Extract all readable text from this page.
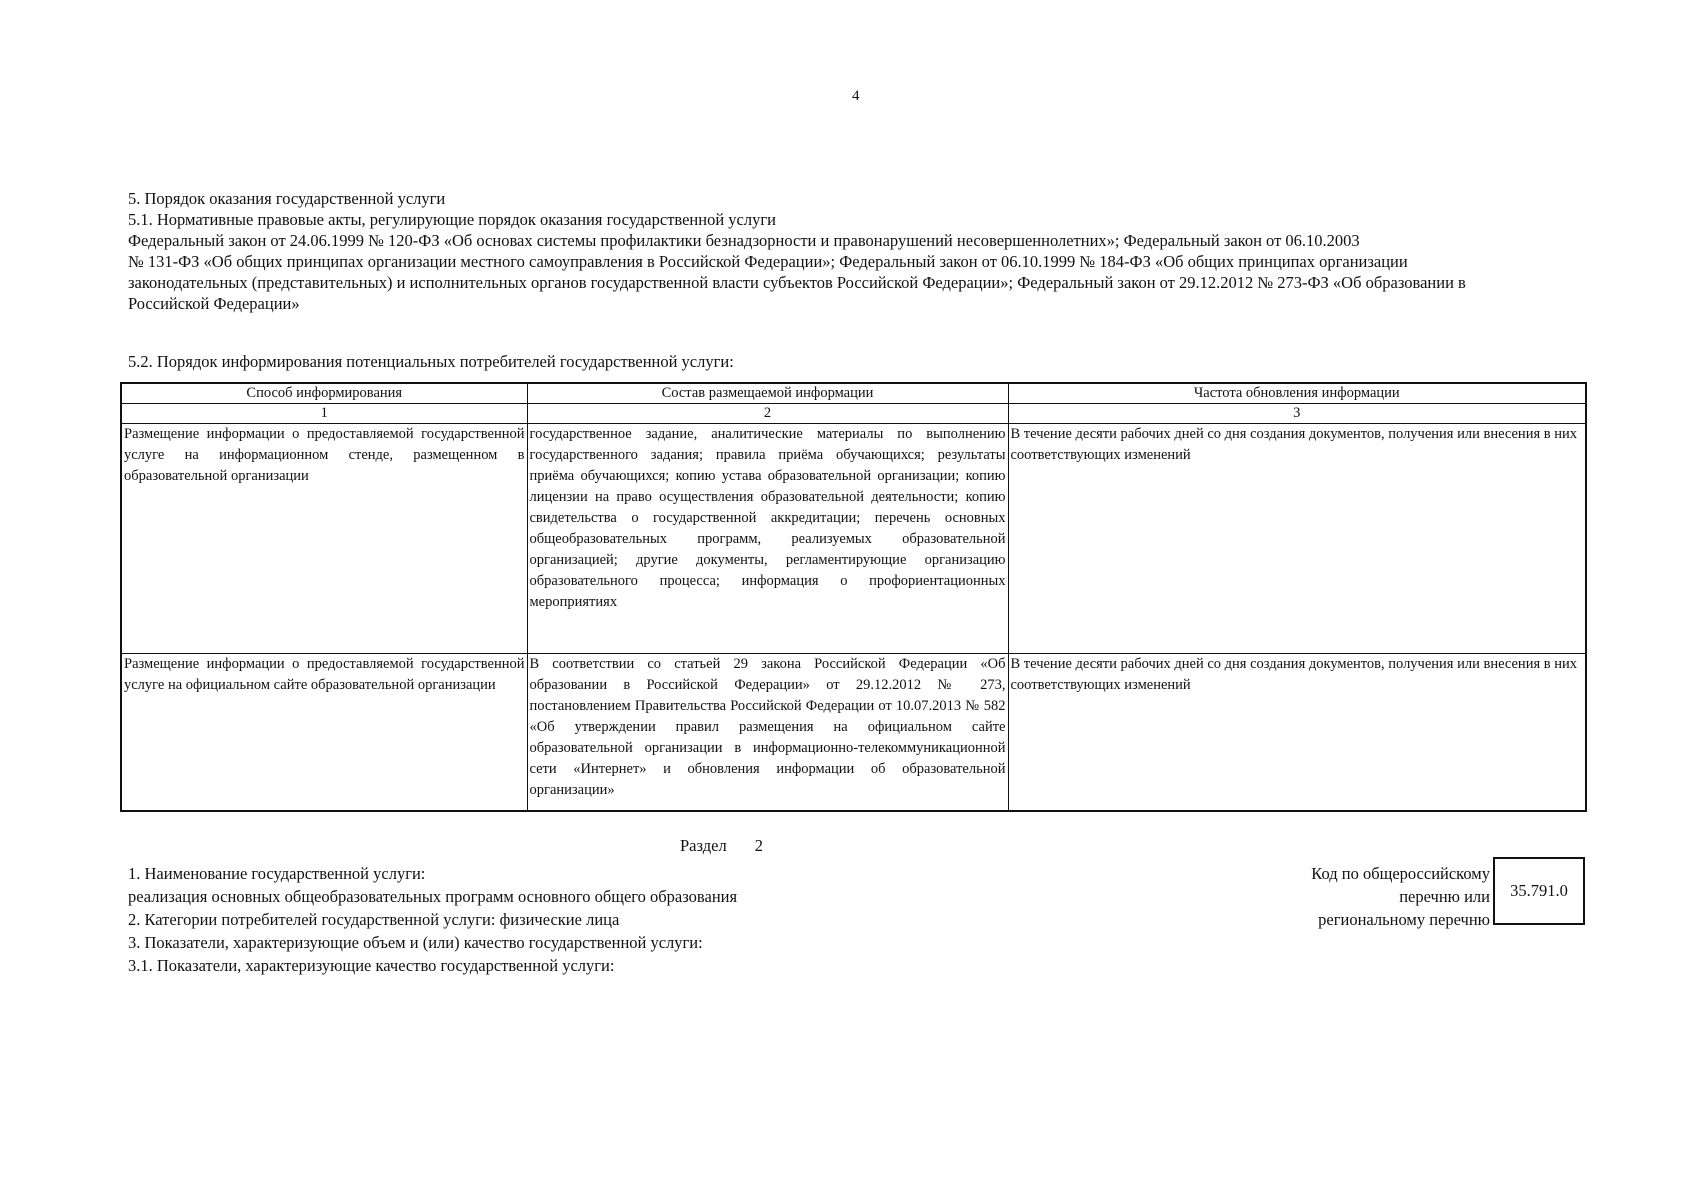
4
5. Порядок оказания государственной услуги
5.1. Нормативные правовые акты, регулирующие порядок оказания государственной услуги
Федеральный закон от 24.06.1999 № 120-ФЗ «Об основах системы профилактики безнадзорности и правонарушений несовершеннолетних»; Федеральный закон от 06.10.2003
№ 131-ФЗ «Об общих принципах организации местного самоуправления в Российской Федерации»; Федеральный закон от 06.10.1999 № 184-ФЗ «Об общих принципах организации
законодательных (представительных) и исполнительных органов государственной власти субъектов Российской Федерации»; Федеральный закон от 29.12.2012 № 273-ФЗ «Об образовании в
Российской Федерации»
5.2. Порядок информирования потенциальных потребителей государственной услуги:
Способ информирования	Состав размещаемой информации	Частота обновления информации
1	2	3
Размещение информации о предоставляемой государственной услуге на информационном стенде, размещенном в образовательной организации	государственное задание, аналитические материалы по выполнению государственного задания; правила приёма обучающихся; результаты приёма обучающихся; копию устава образовательной организации; копию лицензии на право осуществления образовательной деятельности; копию свидетельства о государственной аккредитации; перечень основных общеобразовательных программ, реализуемых образовательной организацией; другие документы, регламентирующие организацию образовательного процесса; информация о профориентационных мероприятиях	В течение десяти рабочих дней со дня создания документов, получения или внесения в них соответствующих изменений
Размещение информации о предоставляемой государственной услуге на официальном сайте образовательной организации	В соответствии со статьей 29 закона Российской Федерации «Об образовании в Российской Федерации» от 29.12.2012 № 273, постановлением Правительства Российской Федерации от 10.07.2013 № 582 «Об утверждении правил размещения на официальном сайте образовательной организации в информационно-телекоммуникационной сети «Интернет» и обновления информации об образовательной организации»	В течение десяти рабочих дней со дня создания документов, получения или внесения в них соответствующих изменений
Раздел 2
1. Наименование государственной услуги:
реализация основных общеобразовательных программ основного общего образования
2. Категории потребителей государственной услуги: физические лица
3. Показатели, характеризующие объем и (или) качество государственной услуги:
3.1. Показатели, характеризующие качество государственной услуги:
Код по общероссийскому
перечню или
региональному перечню
35.791.0
